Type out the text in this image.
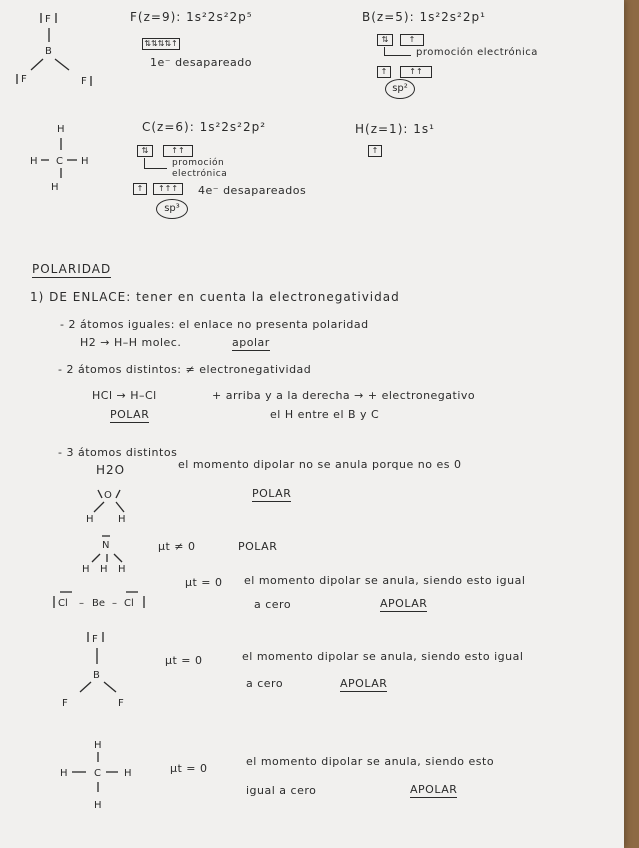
F
B
F	F
F(z=9): 1s²2s²2p⁵
⇅⇅⇅⇅↑
1e⁻ desapareado
B(z=5): 1s²2s²2p¹
⇅	↑
promoción electrónica
↑	↑↑
sp²
H
H C H
H
C(z=6): 1s²2s²2p²
⇅	↑↑
promoción electrónica
↑	↑↑↑	4e⁻ desapareados
sp³
H(z=1): 1s¹
↑
POLARIDAD
1) DE ENLACE: tener en cuenta la electronegatividad
- 2 átomos iguales: el enlace no presenta polaridad
H2 → H–H molec.	apolar
- 2 átomos distintos: ≠ electronegatividad
HCl → H–Cl	+ arriba y a la derecha → + electronegativo
POLAR	el H entre el B y C
- 3 átomos distintos
H2O	el momento dipolar no se anula porque no es 0
O
H H
POLAR
N
H H H
μt ≠ 0	POLAR
Cl – Be – Cl
μt = 0 el momento dipolar se anula, siendo esto igual
a cero	APOLAR
F
B
F	F
μt = 0	el momento dipolar se anula, siendo esto igual
a cero	APOLAR
H
H	C H
H
μt = 0
el momento dipolar se anula, siendo esto
igual a cero	APOLAR
